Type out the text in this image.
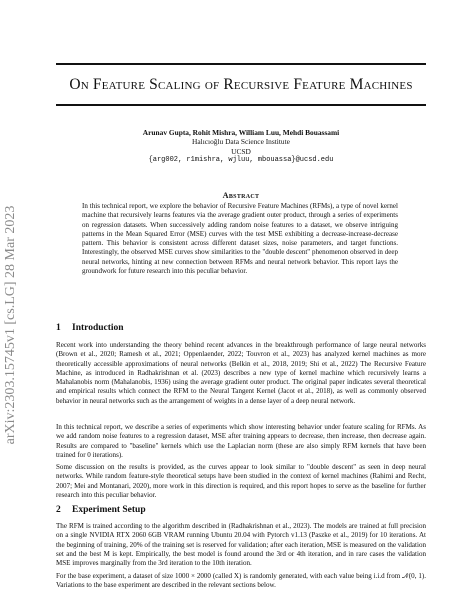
arXiv:2303.15745v1 [cs.LG] 28 Mar 2023
On Feature Scaling of Recursive Feature Machines
Arunav Gupta, Rohit Mishra, William Luu, Mehdi Bouassami
Halıcıoğlu Data Science Institute
UCSD
{arg002, r1mishra, wjluu, mbouassa}@ucsd.edu
Abstract
In this technical report, we explore the behavior of Recursive Feature Machines (RFMs), a type of novel kernel machine that recursively learns features via the average gradient outer product, through a series of experiments on regression datasets. When successively adding random noise features to a dataset, we observe intriguing patterns in the Mean Squared Error (MSE) curves with the test MSE exhibiting a decrease-increase-decrease pattern. This behavior is consistent across different dataset sizes, noise parameters, and target functions. Interestingly, the observed MSE curves show similarities to the "double descent" phenomenon observed in deep neural networks, hinting at new connection between RFMs and neural network behavior. This report lays the groundwork for future research into this peculiar behavior.
1 Introduction
Recent work into understanding the theory behind recent advances in the breakthrough performance of large neural networks (Brown et al., 2020; Ramesh et al., 2021; Oppenlaender, 2022; Touvron et al., 2023) has analyzed kernel machines as more theoretically accessible approximations of neural networks (Belkin et al., 2018, 2019; Shi et al., 2022) The Recursive Feature Machine, as introduced in Radhakrishnan et al. (2023) describes a new type of kernel machine which recursively learns a Mahalanobis norm (Mahalanobis, 1936) using the average gradient outer product. The original paper indicates several theoretical and empirical results which connect the RFM to the Neural Tangent Kernel (Jacot et al., 2018), as well as commonly observed behavior in neural networks such as the arrangement of weights in a dense layer of a deep neural network.
In this technical report, we describe a series of experiments which show interesting behavior under feature scaling for RFMs. As we add random noise features to a regression dataset, MSE after training appears to decrease, then increase, then decrease again. Results are compared to "baseline" kernels which use the Laplacian norm (these are also simply RFM kernels that have been trained for 0 iterations).
Some discussion on the results is provided, as the curves appear to look similar to "double descent" as seen in deep neural networks. While random feature-style theoretical setups have been studied in the context of kernel machines (Rahimi and Recht, 2007; Mei and Montanari, 2020), more work in this direction is required, and this report hopes to serve as the baseline for further research into this peculiar behavior.
2 Experiment Setup
The RFM is trained according to the algorithm described in (Radhakrishnan et al., 2023). The models are trained at full precision on a single NVIDIA RTX 2060 6GB VRAM running Ubuntu 20.04 with Pytorch v1.13 (Paszke et al., 2019) for 10 iterations. At the beginning of training, 20% of the training set is reserved for validation; after each iteration, MSE is measured on the validation set and the best M is kept. Empirically, the best model is found around the 3rd or 4th iteration, and in rare cases the validation MSE improves marginally from the 3rd iteration to the 10th iteration.
For the base experiment, a dataset of size 1000 × 2000 (called X) is randomly generated, with each value being i.i.d from 𝒩(0, 1). Variations to the base experiment are described in the relevant sections below.
